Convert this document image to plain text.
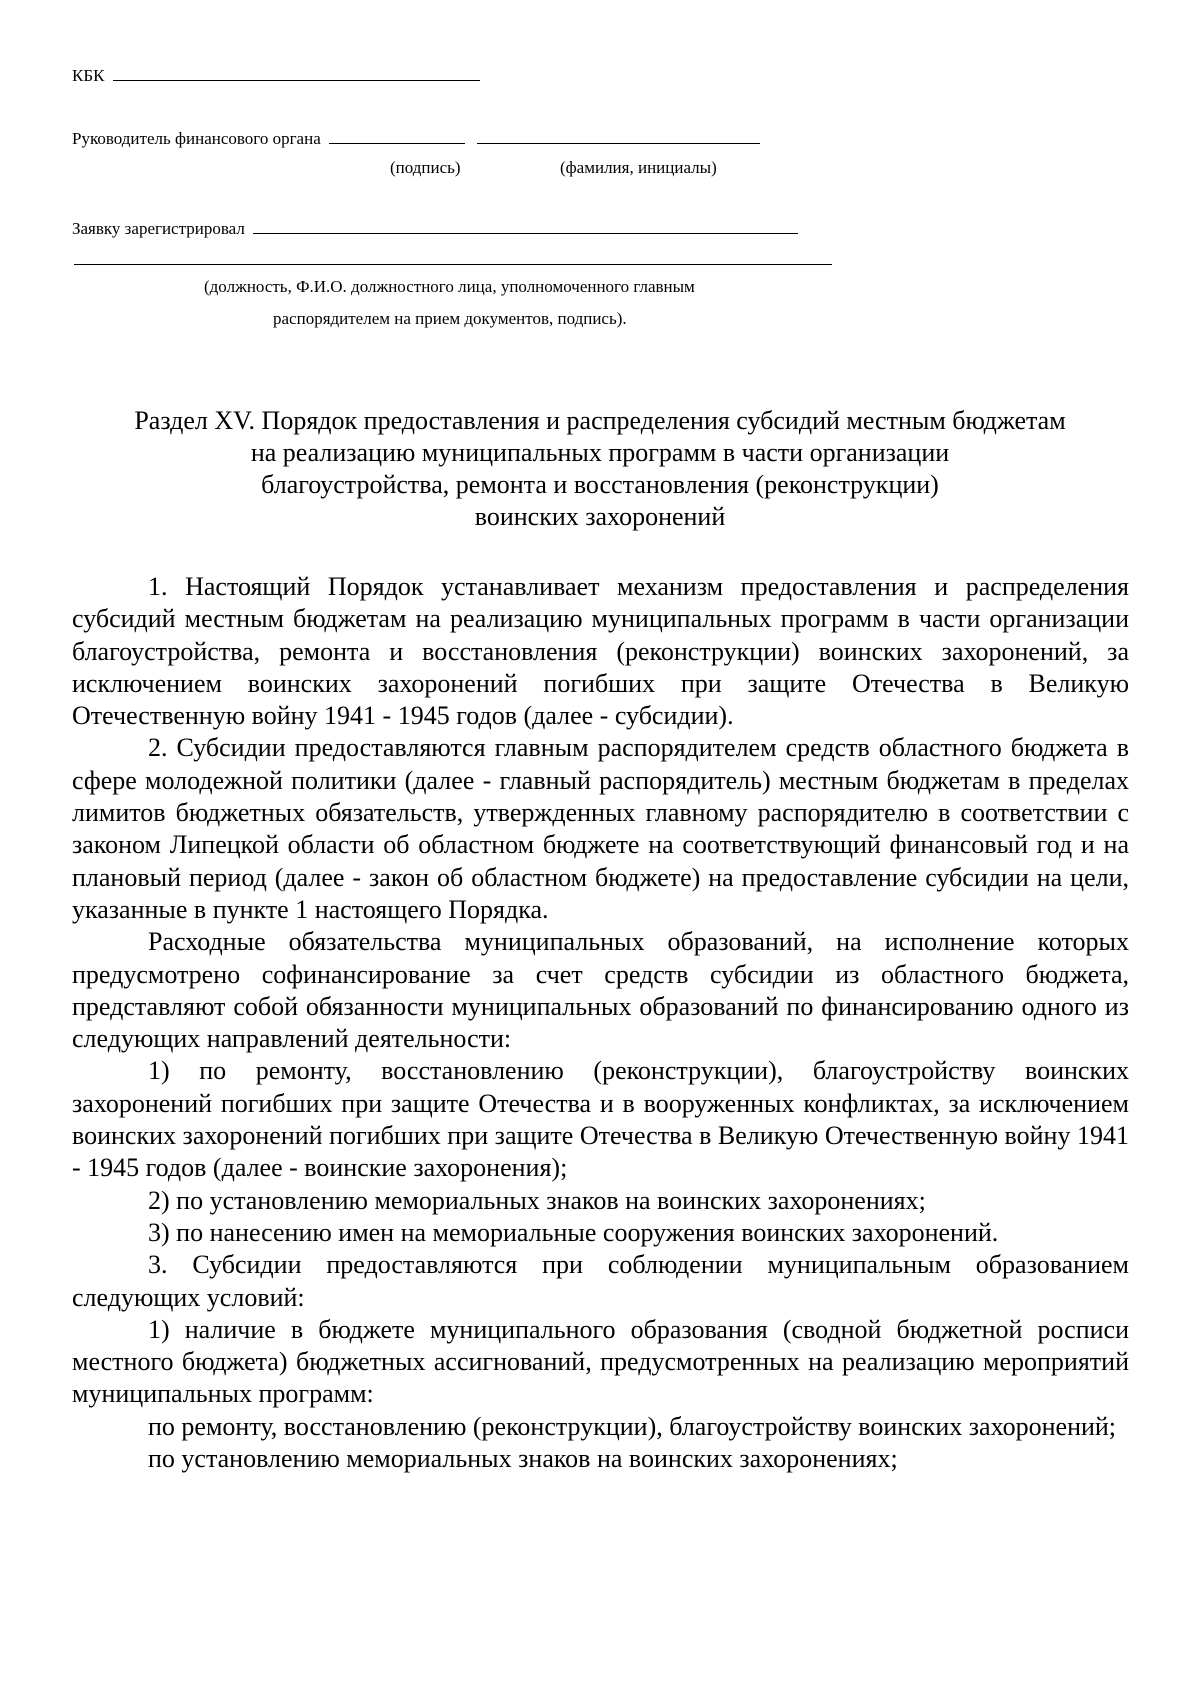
КБК
Руководитель финансового органа
(подпись)	(фамилия, инициалы)
Заявку зарегистрировал
(должность, Ф.И.О. должностного лица, уполномоченного главным
распорядителем на прием документов, подпись).
Раздел XV. Порядок предоставления и распределения субсидий местным бюджетам
на реализацию муниципальных программ в части организации
благоустройства, ремонта и восстановления (реконструкции)
воинских захоронений

1. Настоящий Порядок устанавливает механизм предоставления и распределения субсидий местным бюджетам на реализацию муниципальных программ в части организации благоустройства, ремонта и восстановления (реконструкции) воинских захоронений, за исключением воинских захоронений погибших при защите Отечества в Великую Отечественную войну 1941 - 1945 годов (далее - субсидии).

2. Субсидии предоставляются главным распорядителем средств областного бюджета в сфере молодежной политики (далее - главный распорядитель) местным бюджетам в пределах лимитов бюджетных обязательств, утвержденных главному распорядителю в соответствии с законом Липецкой области об областном бюджете на соответствующий финансовый год и на плановый период (далее - закон об областном бюджете) на предоставление субсидии на цели, указанные в пункте 1 настоящего Порядка.

Расходные обязательства муниципальных образований, на исполнение которых предусмотрено софинансирование за счет средств субсидии из областного бюджета, представляют собой обязанности муниципальных образований по финансированию одного из следующих направлений деятельности:

1) по ремонту, восстановлению (реконструкции), благоустройству воинских захоронений погибших при защите Отечества и в вооруженных конфликтах, за исключением воинских захоронений погибших при защите Отечества в Великую Отечественную войну 1941 - 1945 годов (далее - воинские захоронения);

2) по установлению мемориальных знаков на воинских захоронениях;

3) по нанесению имен на мемориальные сооружения воинских захоронений.

3. Субсидии предоставляются при соблюдении муниципальным образованием следующих условий:

1) наличие в бюджете муниципального образования (сводной бюджетной росписи местного бюджета) бюджетных ассигнований, предусмотренных на реализацию мероприятий муниципальных программ:

по ремонту, восстановлению (реконструкции), благоустройству воинских захоронений;

по установлению мемориальных знаков на воинских захоронениях;
